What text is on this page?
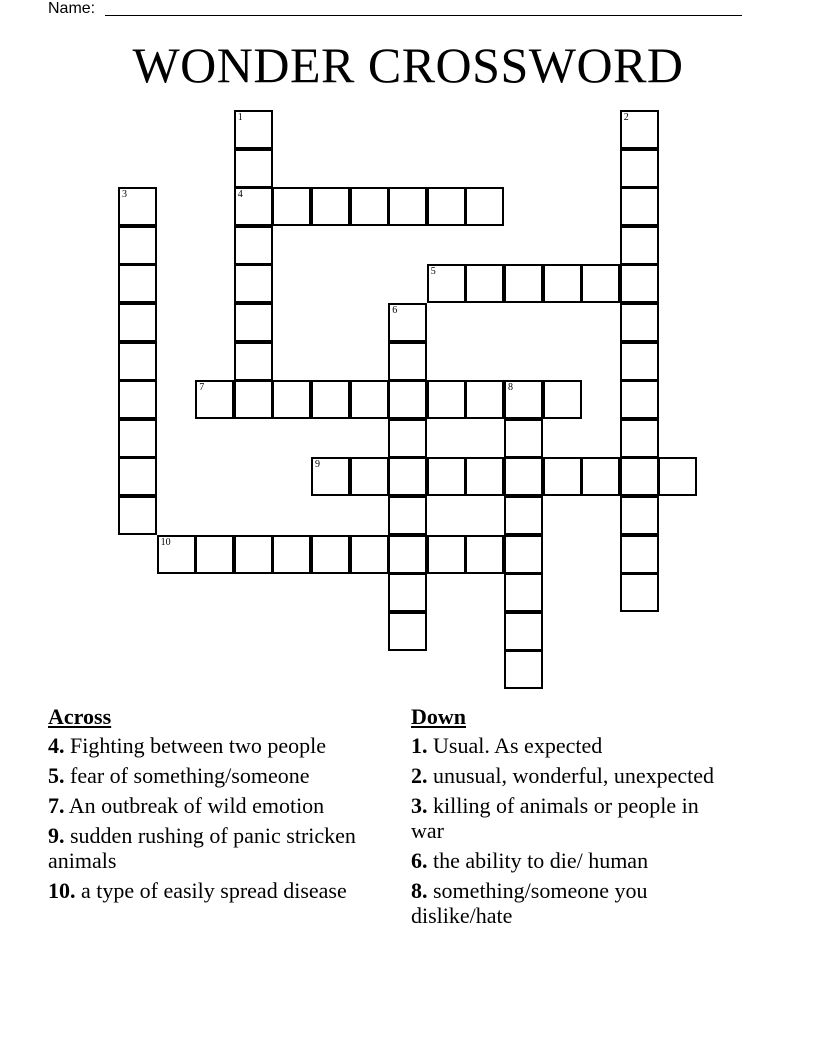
Name:
WONDER CROSSWORD
1
4
2
3
5
6
7	8
9
10
Across
4. Fighting between two people
5. fear of something/someone
7. An outbreak of wild emotion
9. sudden rushing of panic stricken animals
10. a type of easily spread disease
Down
1. Usual. As expected
2. unusual, wonderful, unexpected
3. killing of animals or people in war
6. the ability to die/ human
8. something/someone you dislike/hate
